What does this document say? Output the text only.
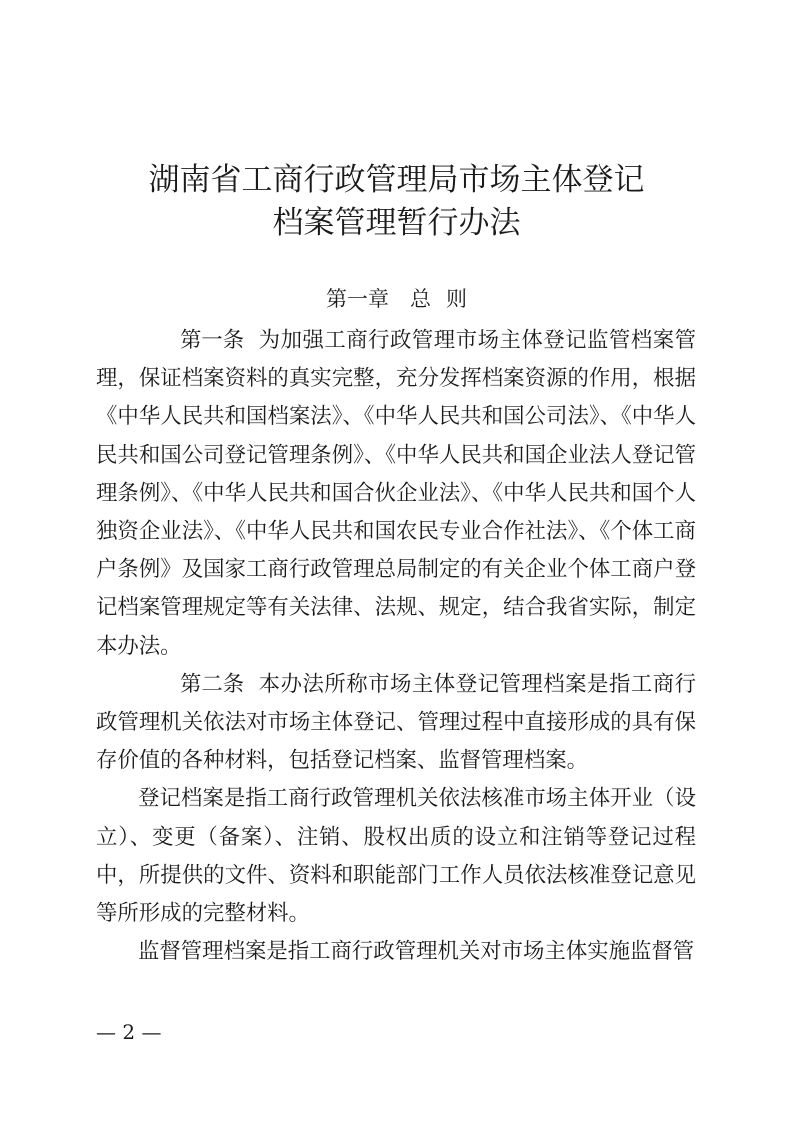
湖南省工商行政管理局市场主体登记
档案管理暂行办法
第一章 总 则

第一条 为加强工商行政管理市场主体登记监管档案管理，保证档案资料的真实完整，充分发挥档案资源的作用，根据《中华人民共和国档案法》、《中华人民共和国公司法》、《中华人民共和国公司登记管理条例》、《中华人民共和国企业法人登记管理条例》、《中华人民共和国合伙企业法》、《中华人民共和国个人独资企业法》、《中华人民共和国农民专业合作社法》、《个体工商户条例》及国家工商行政管理总局制定的有关企业个体工商户登记档案管理规定等有关法律、法规、规定，结合我省实际，制定本办法。

第二条 本办法所称市场主体登记管理档案是指工商行政管理机关依法对市场主体登记、管理过程中直接形成的具有保存价值的各种材料，包括登记档案、监督管理档案。

登记档案是指工商行政管理机关依法核准市场主体开业（设立）、变更（备案）、注销、股权出质的设立和注销等登记过程中，所提供的文件、资料和职能部门工作人员依法核准登记意见等所形成的完整材料。

监督管理档案是指工商行政管理机关对市场主体实施监督管

— 2 —
